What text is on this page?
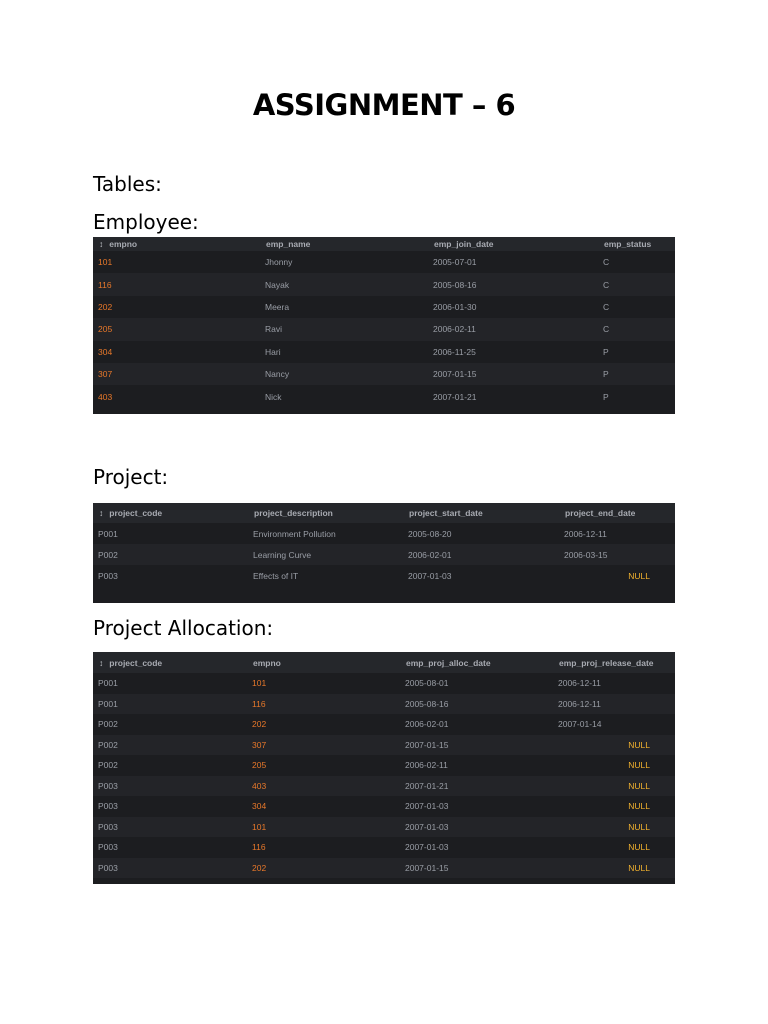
ASSIGNMENT – 6

Tables:

Employee:

↕ empno	emp_name	emp_join_date	emp_status
101	Jhonny	2005-07-01	C
116	Nayak	2005-08-16	C
202	Meera	2006-01-30	C
205	Ravi	2006-02-11	C
304	Hari	2006-11-25	P
307	Nancy	2007-01-15	P
403	Nick	2007-01-21	P

Project:

↕ project_code	project_description	project_start_date	project_end_date
P001	Environment Pollution	2005-08-20	2006-12-11
P002	Learning Curve	2006-02-01	2006-03-15
P003	Effects of IT	2007-01-03	NULL

Project Allocation:

↕ project_code	empno	emp_proj_alloc_date	emp_proj_release_date
P001	101	2005-08-01	2006-12-11
P001	116	2005-08-16	2006-12-11
P002	202	2006-02-01	2007-01-14
P002	307	2007-01-15	NULL
P002	205	2006-02-11	NULL
P003	403	2007-01-21	NULL
P003	304	2007-01-03	NULL
P003	101	2007-01-03	NULL
P003	116	2007-01-03	NULL
P003	202	2007-01-15	NULL
